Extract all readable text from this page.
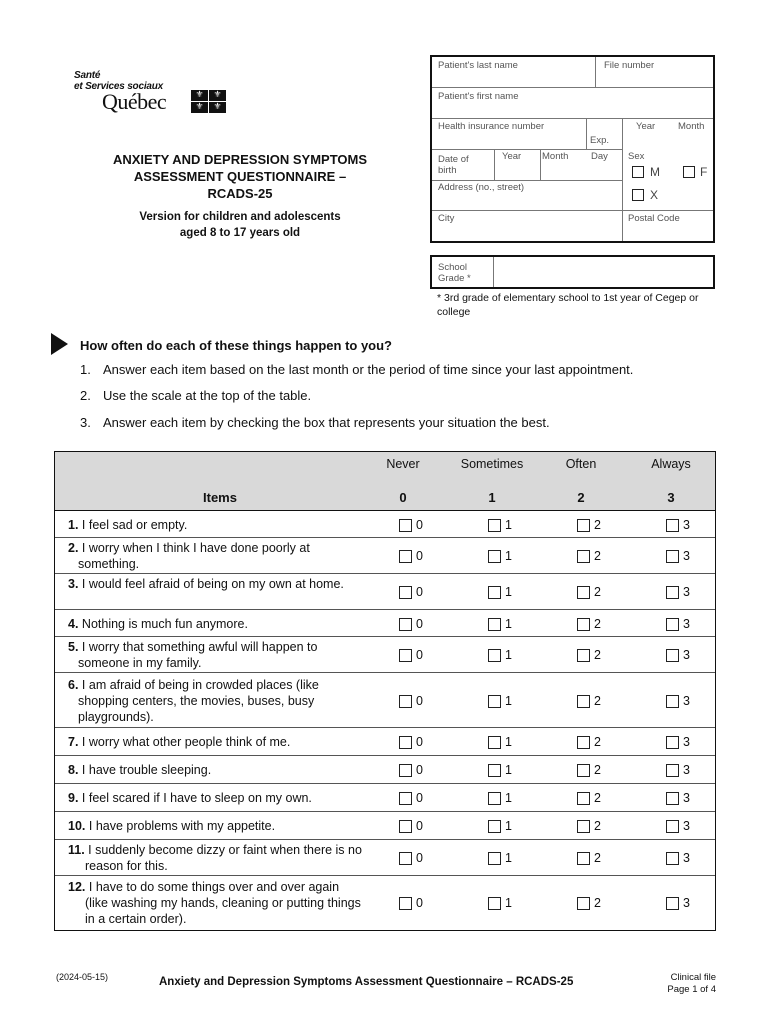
Santé
et Services sociaux
Québec	⚜	⚜
⚜	⚜
ANXIETY AND DEPRESSION SYMPTOMS
ASSESSMENT QUESTIONNAIRE –
RCADS-25
Version for children and adolescents
aged 8 to 17 years old
Patient's last name	File number
Patient's first name
Health insurance number	Year Month
Exp.
Date of birth
Year Month Day Sex
M	F
X
Address (no., street)
City	Postal Code
School Grade *
* 3rd grade of elementary school to 1st year of Cegep or college
How often do each of these things happen to you?
1. Answer each item based on the last month or the period of time since your last appointment.
2. Use the scale at the top of the table.
3. Answer each item by checking the box that represents your situation the best.
Items
Never	Sometimes	Often	Always
0	1	2	3
1. I feel sad or empty.	0	1	2	3
2. I worry when I think I have done poorly at something.
0	1	2	3
3. I would feel afraid of being on my own at home.
0	1	2	3
4. Nothing is much fun anymore.	0	1	2	3
5. I worry that something awful will happen to someone in my family.
0	1	2	3
6. I am afraid of being in crowded places (like shopping centers, the movies, buses, busy playgrounds).
0	1	2	3
7. I worry what other people think of me.	0	1	2	3
8. I have trouble sleeping.	0	1	2	3
9. I feel scared if I have to sleep on my own.	0	1	2	3
10. I have problems with my appetite.	0	1	2	3
11. I suddenly become dizzy or faint when there is no reason for this.
0	1	2	3
12. I have to do some things over and over again (like washing my hands, cleaning or putting things in a certain order).
0	1	2	3
(2024-05-15)	Anxiety and Depression Symptoms Assessment Questionnaire – RCADS-25	Clinical file
Page 1 of 4
